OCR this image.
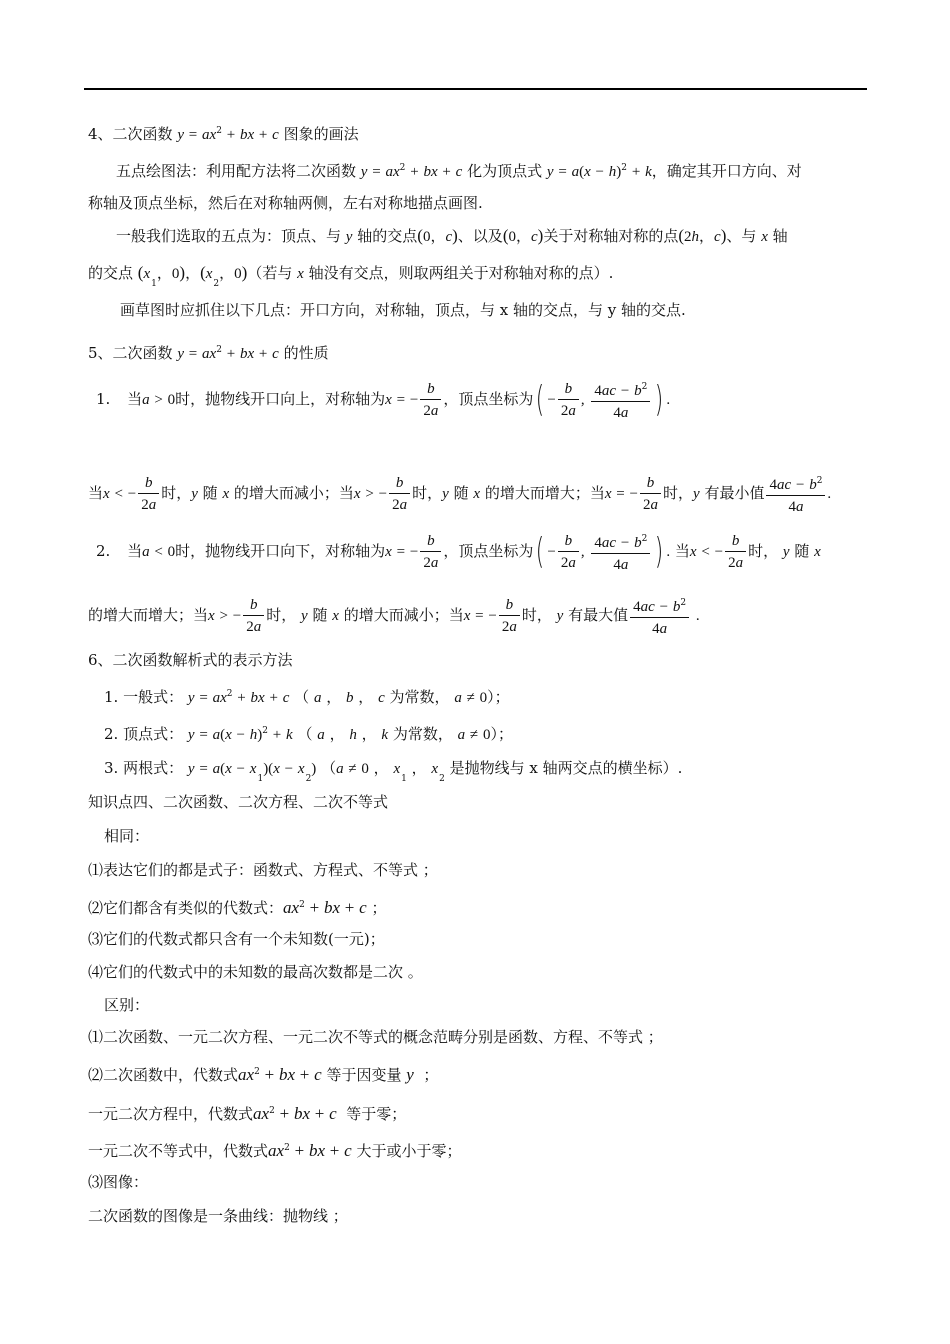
4、二次函数 $y = ax^2$ + bx + c 图象的画法
五点绘图法：利用配方法将二次函数 $y = ax^2$ + bx + c 化为顶点式 $y = a(x - h)^2 + k$，确定其开口方向、对
称轴及顶点坐标，然后在对称轴两侧，左右对称地描点画图.
一般我们选取的五点为：顶点、与 y 轴的交点(0，c)、以及(0，c)关于对称轴对称的点(2h，c)、与 x 轴
的交点 ($x_1$，0)，($x_2$，0)（若与 x 轴没有交点，则取两组关于对称轴对称的点）.
画草图时应抓住以下几点：开口方向，对称轴，顶点，与 x 轴的交点，与 y 轴的交点.
5、二次函数 $y = ax^2$ + bx + c 的性质
1. 当a > 0时，抛物线开口向上，对称轴为x = − $\frac{b}{2a}$ ，顶点坐标为( − $\frac{b}{2a}$ , $\frac{4ac - b^2}{4a}$ ) .
当x < − $\frac{b}{2a}$ 时，y 随 x 的增大而减小；当x > − $\frac{b}{2a}$ 时，y 随 x 的增大而增大；当x = − $\frac{b}{2a}$ 时，y 有最小值 $\frac{4ac - b^2}{4a}$ .
2. 当a < 0时，抛物线开口向下，对称轴为x = − $\frac{b}{2a}$ ，顶点坐标为( − $\frac{b}{2a}$ , $\frac{4ac - b^2}{4a}$ ) . 当x < − $\frac{b}{2a}$ 时， y 随 x
的增大而增大；当x > − $\frac{b}{2a}$ 时， y 随 x 的增大而减小；当x = − $\frac{b}{2a}$ 时， y 有最大值 $\frac{4ac - b^2}{4a}$ .
6、二次函数解析式的表示方法
1. 一般式： $y = ax^2$ + bx + c （ a ， b ， c 为常数， a ≠ 0）；
2. 顶点式： $y = a(x - h)^2 + k$ （ a ， h ， k 为常数， a ≠ 0）；
3. 两根式： $y = a(x - x_1)(x - x_2)$ （a ≠ 0 ， $x_1$ ， $x_2$ 是抛物线与 x 轴两交点的横坐标）.
知识点四、二次函数、二次方程、二次不等式
相同：
⑴表达它们的都是式子：函数式、方程式、不等式 ；
⑵它们都含有类似的代数式：$ax^2$ + bx + c ；
⑶它们的代数式都只含有一个未知数(一元)；
⑷它们的代数式中的未知数的最高次数都是二次 。
区别：
⑴二次函数、一元二次方程、一元二次不等式的概念范畴分别是函数、方程、不等式 ；
⑵二次函数中，代数式$ax^2$ + bx + c 等于因变量 y  ；
一元二次方程中，代数式$ax^2$ + bx + c 等于零；
一元二次不等式中，代数式$ax^2$ + bx + c 大于或小于零；
⑶图像：
二次函数的图像是一条曲线：抛物线 ；
